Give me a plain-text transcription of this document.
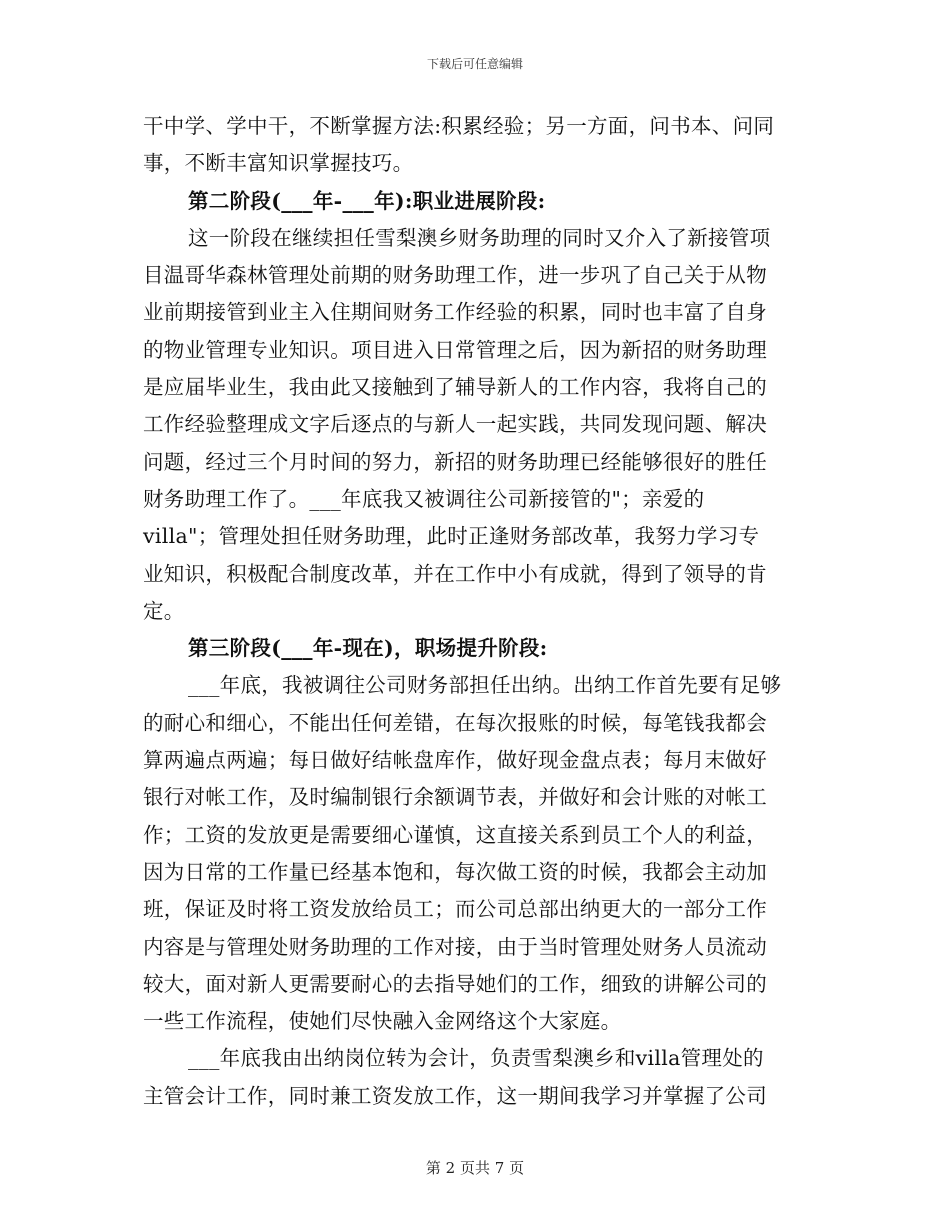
下载后可任意编辑
干中学、学中干，不断掌握方法:积累经验；另一方面，问书本、问同
事，不断丰富知识掌握技巧。
第二阶段(___年-___年):职业进展阶段:
这一阶段在继续担任雪梨澳乡财务助理的同时又介入了新接管项
目温哥华森林管理处前期的财务助理工作，进一步巩了自己关于从物
业前期接管到业主入住期间财务工作经验的积累，同时也丰富了自身
的物业管理专业知识。项目进入日常管理之后，因为新招的财务助理
是应届毕业生，我由此又接触到了辅导新人的工作内容，我将自己的
工作经验整理成文字后逐点的与新人一起实践，共同发现问题、解决
问题，经过三个月时间的努力，新招的财务助理已经能够很好的胜任
财务助理工作了。___年底我又被调往公司新接管的"；亲爱的
villa"；管理处担任财务助理，此时正逢财务部改革，我努力学习专
业知识，积极配合制度改革，并在工作中小有成就，得到了领导的肯
定。
第三阶段(___年-现在)，职场提升阶段:
___年底，我被调往公司财务部担任出纳。出纳工作首先要有足够
的耐心和细心，不能出任何差错，在每次报账的时候，每笔钱我都会
算两遍点两遍；每日做好结帐盘库作，做好现金盘点表；每月末做好
银行对帐工作，及时编制银行余额调节表，并做好和会计账的对帐工
作；工资的发放更是需要细心谨慎，这直接关系到员工个人的利益，
因为日常的工作量已经基本饱和，每次做工资的时候，我都会主动加
班，保证及时将工资发放给员工；而公司总部出纳更大的一部分工作
内容是与管理处财务助理的工作对接，由于当时管理处财务人员流动
较大，面对新人更需要耐心的去指导她们的工作，细致的讲解公司的
一些工作流程，使她们尽快融入金网络这个大家庭。
___年底我由出纳岗位转为会计，负责雪梨澳乡和villa管理处的
主管会计工作，同时兼工资发放工作，这一期间我学习并掌握了公司
第 2 页共 7 页
